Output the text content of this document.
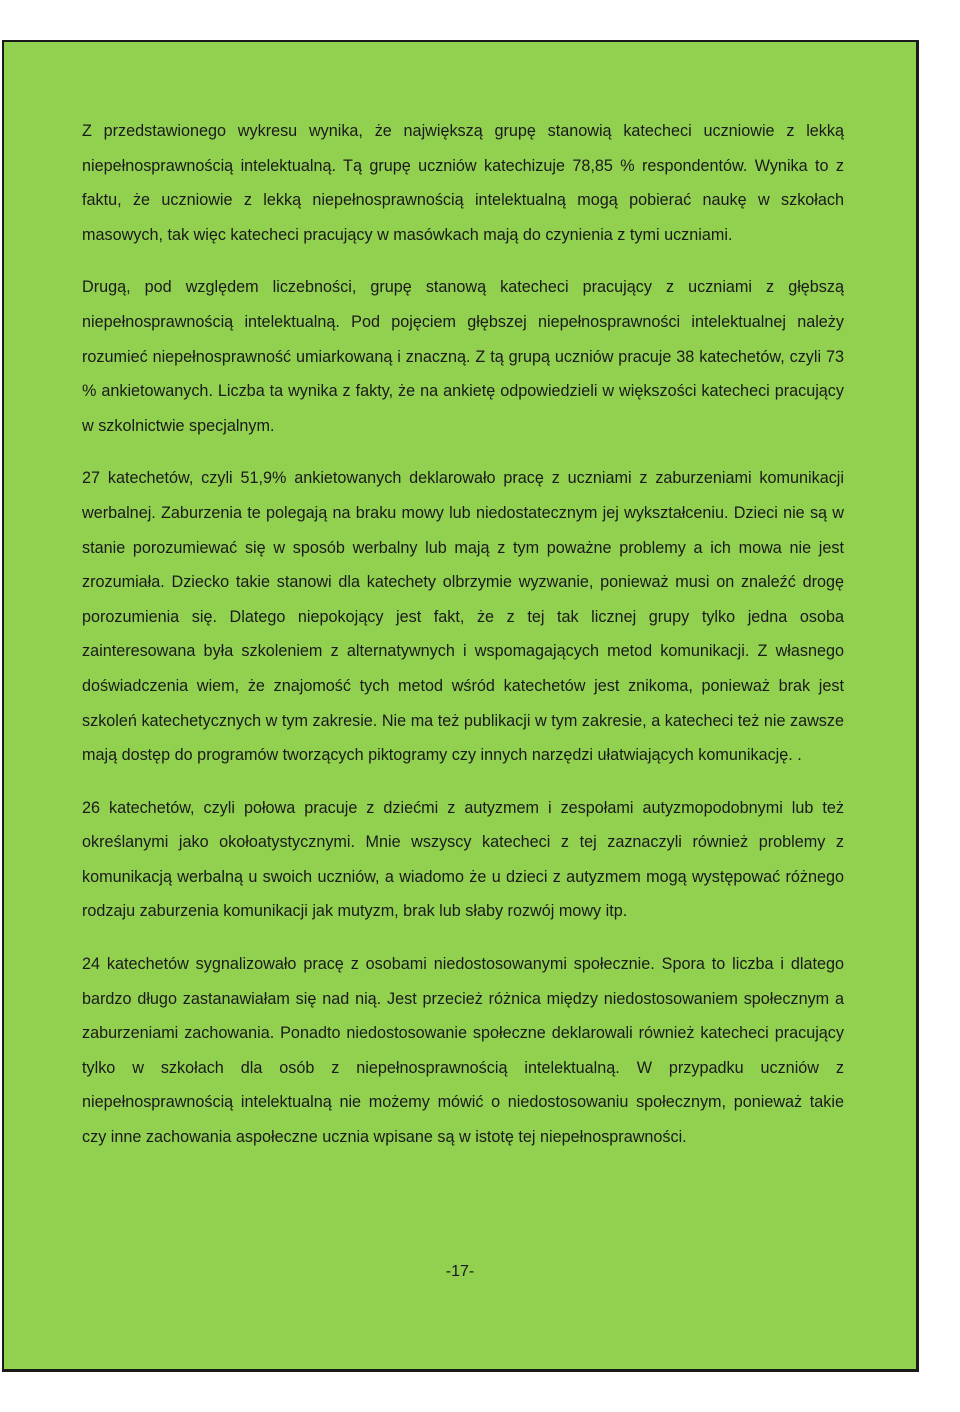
Z przedstawionego wykresu wynika, że największą grupę stanowią katecheci uczniowie z lekką niepełnosprawnością intelektualną. Tą grupę uczniów katechizuje 78,85 % respondentów. Wynika to z faktu, że uczniowie z lekką niepełnosprawnością intelektualną mogą pobierać naukę w szkołach masowych, tak więc katecheci pracujący w masówkach mają do czynienia z tymi uczniami.

Drugą, pod względem liczebności, grupę stanową katecheci pracujący z uczniami z głębszą niepełnosprawnością intelektualną. Pod pojęciem głębszej niepełnosprawności intelektualnej należy rozumieć niepełnosprawność umiarkowaną i znaczną. Z tą grupą uczniów pracuje 38 katechetów, czyli 73 % ankietowanych. Liczba ta wynika z fakty, że na ankietę odpowiedzieli w większości katecheci pracujący w szkolnictwie specjalnym.

27 katechetów, czyli 51,9% ankietowanych deklarowało pracę z uczniami z zaburzeniami komunikacji werbalnej. Zaburzenia te polegają na braku mowy lub niedostatecznym jej wykształceniu. Dzieci nie są w stanie porozumiewać się w sposób werbalny lub mają z tym poważne problemy a ich mowa nie jest zrozumiała. Dziecko takie stanowi dla katechety olbrzymie wyzwanie, ponieważ musi on znaleźć drogę porozumienia się. Dlatego niepokojący jest fakt, że z tej tak licznej grupy tylko jedna osoba zainteresowana była szkoleniem z alternatywnych i wspomagających metod komunikacji. Z własnego doświadczenia wiem, że znajomość tych metod wśród katechetów jest znikoma, ponieważ brak jest szkoleń katechetycznych w tym zakresie. Nie ma też publikacji w tym zakresie, a katecheci też nie zawsze mają dostęp do programów tworzących piktogramy czy innych narzędzi ułatwiających komunikację. .

26 katechetów, czyli połowa pracuje z dziećmi z autyzmem i zespołami autyzmopodobnymi lub też określanymi jako okołoatystycznymi. Mnie wszyscy katecheci z tej zaznaczyli również problemy z komunikacją werbalną u swoich uczniów, a wiadomo że u dzieci z autyzmem mogą występować różnego rodzaju zaburzenia komunikacji jak mutyzm, brak lub słaby rozwój mowy itp.

24 katechetów sygnalizowało pracę z osobami niedostosowanymi społecznie. Spora to liczba i dlatego bardzo długo zastanawiałam się nad nią. Jest przecież różnica między niedostosowaniem społecznym a zaburzeniami zachowania. Ponadto niedostosowanie społeczne deklarowali również katecheci pracujący tylko w szkołach dla osób z niepełnosprawnością intelektualną. W przypadku uczniów z niepełnosprawnością intelektualną nie możemy mówić o niedostosowaniu społecznym, ponieważ takie czy inne zachowania aspołeczne ucznia wpisane są w istotę tej niepełnosprawności.

-17-
